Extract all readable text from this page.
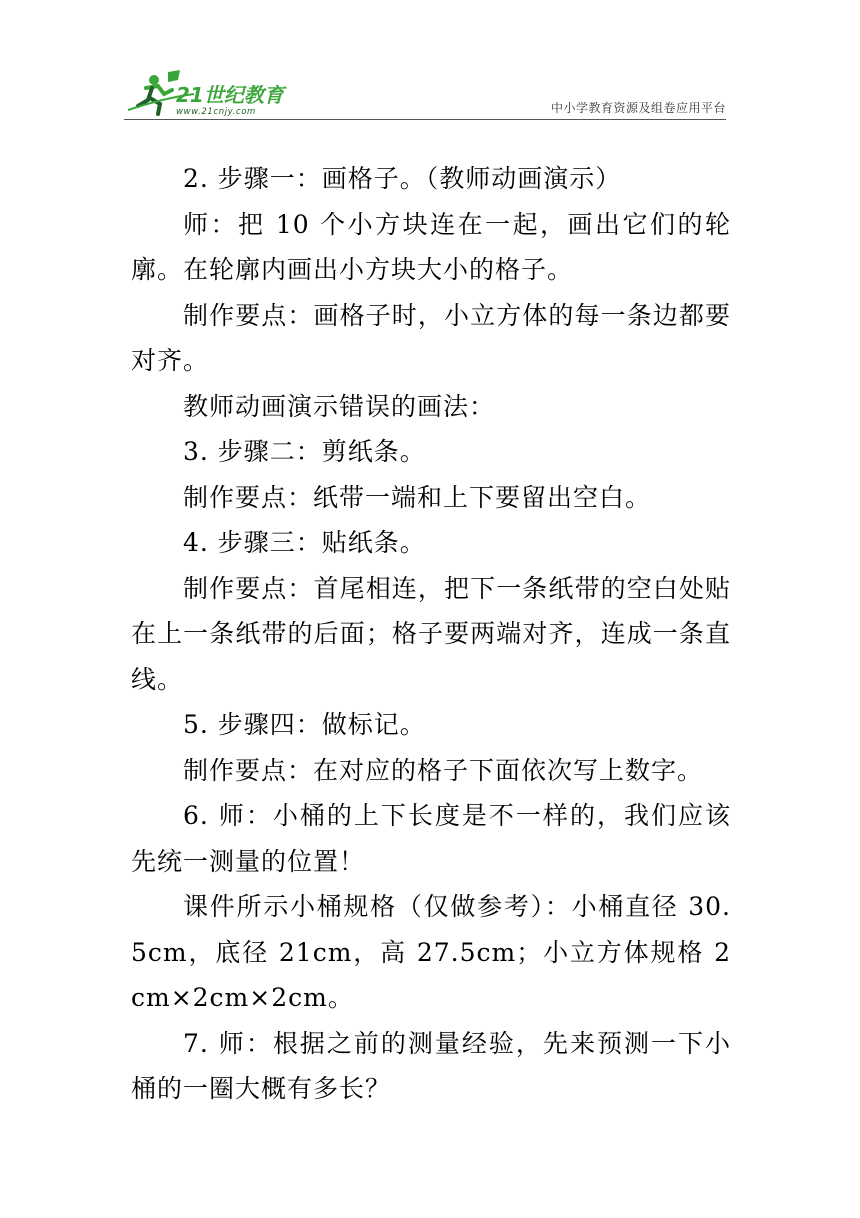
21世纪教育
www.21cnjy.com	中小学教育资源及组卷应用平台

2. 步骤一：画格子。（教师动画演示）

师：把 10 个小方块连在一起，画出它们的轮廓。在轮廓内画出小方块大小的格子。

制作要点：画格子时，小立方体的每一条边都要对齐。

教师动画演示错误的画法：

3. 步骤二：剪纸条。

制作要点：纸带一端和上下要留出空白。

4. 步骤三：贴纸条。

制作要点：首尾相连，把下一条纸带的空白处贴在上一条纸带的后面；格子要两端对齐，连成一条直线。

5. 步骤四：做标记。

制作要点：在对应的格子下面依次写上数字。

6. 师：小桶的上下长度是不一样的，我们应该先统一测量的位置！

课件所示小桶规格（仅做参考）：小桶直径 30.5cm，底径 21cm，高 27.5cm；小立方体规格 2cm×2cm×2cm。

7. 师：根据之前的测量经验，先来预测一下小桶的一圈大概有多长？
